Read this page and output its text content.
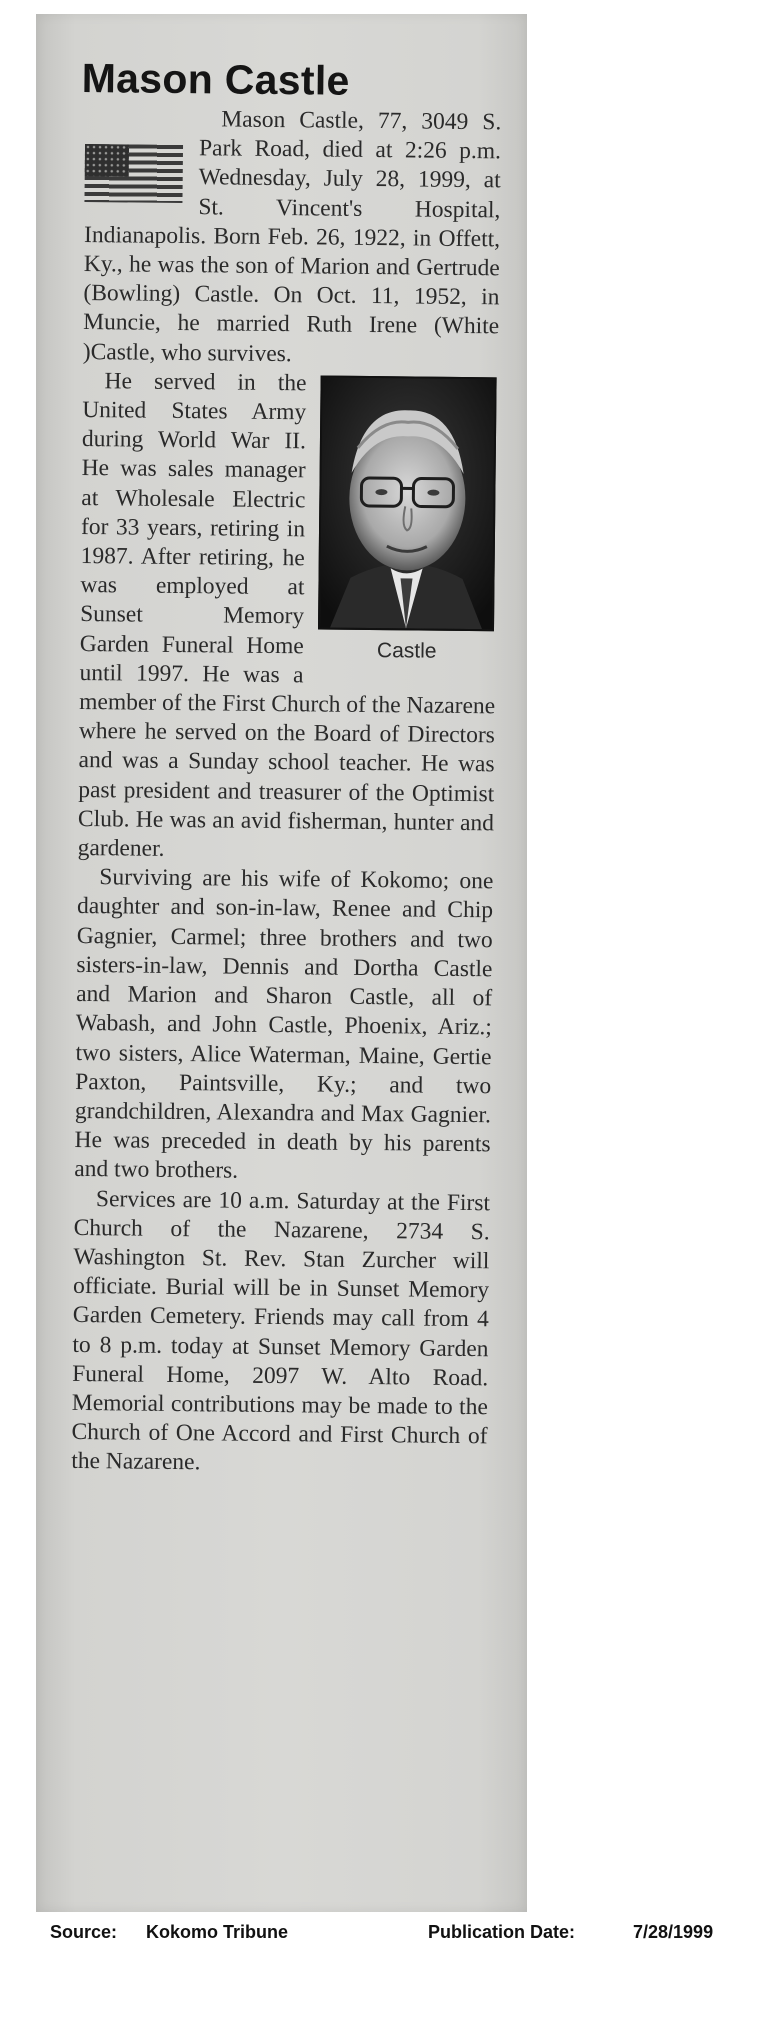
Mason Castle

Mason Castle, 77, 3049 S. Park Road, died at 2:26 p.m. Wednesday, July 28, 1999, at St. Vincent's Hospital, Indianapolis. Born Feb. 26, 1922, in Offett, Ky., he was the son of Marion and Gertrude (Bowling) Castle. On Oct. 11, 1952, in Muncie, he married Ruth Irene (White )Castle, who survives.

Castle

He served in the United States Army during World War II. He was sales manager at Wholesale Electric for 33 years, retiring in 1987. After retiring, he was employed at Sunset Memory Garden Funeral Home until 1997. He was a member of the First Church of the Nazarene where he served on the Board of Directors and was a Sunday school teacher. He was past president and treasurer of the Optimist Club. He was an avid fisherman, hunter and gardener.

Surviving are his wife of Kokomo; one daughter and son-in-law, Renee and Chip Gagnier, Carmel; three brothers and two sisters-in-law, Dennis and Dortha Castle and Marion and Sharon Castle, all of Wabash, and John Castle, Phoenix, Ariz.; two sisters, Alice Waterman, Maine, Gertie Paxton, Paintsville, Ky.; and two grandchildren, Alexandra and Max Gagnier. He was preceded in death by his parents and two brothers.

Services are 10 a.m. Saturday at the First Church of the Nazarene, 2734 S. Washington St. Rev. Stan Zurcher will officiate. Burial will be in Sunset Memory Garden Cemetery. Friends may call from 4 to 8 p.m. today at Sunset Memory Garden Funeral Home, 2097 W. Alto Road. Memorial contributions may be made to the Church of One Accord and First Church of the Nazarene.

Source: Kokomo Tribune	Publication Date:	7/28/1999
